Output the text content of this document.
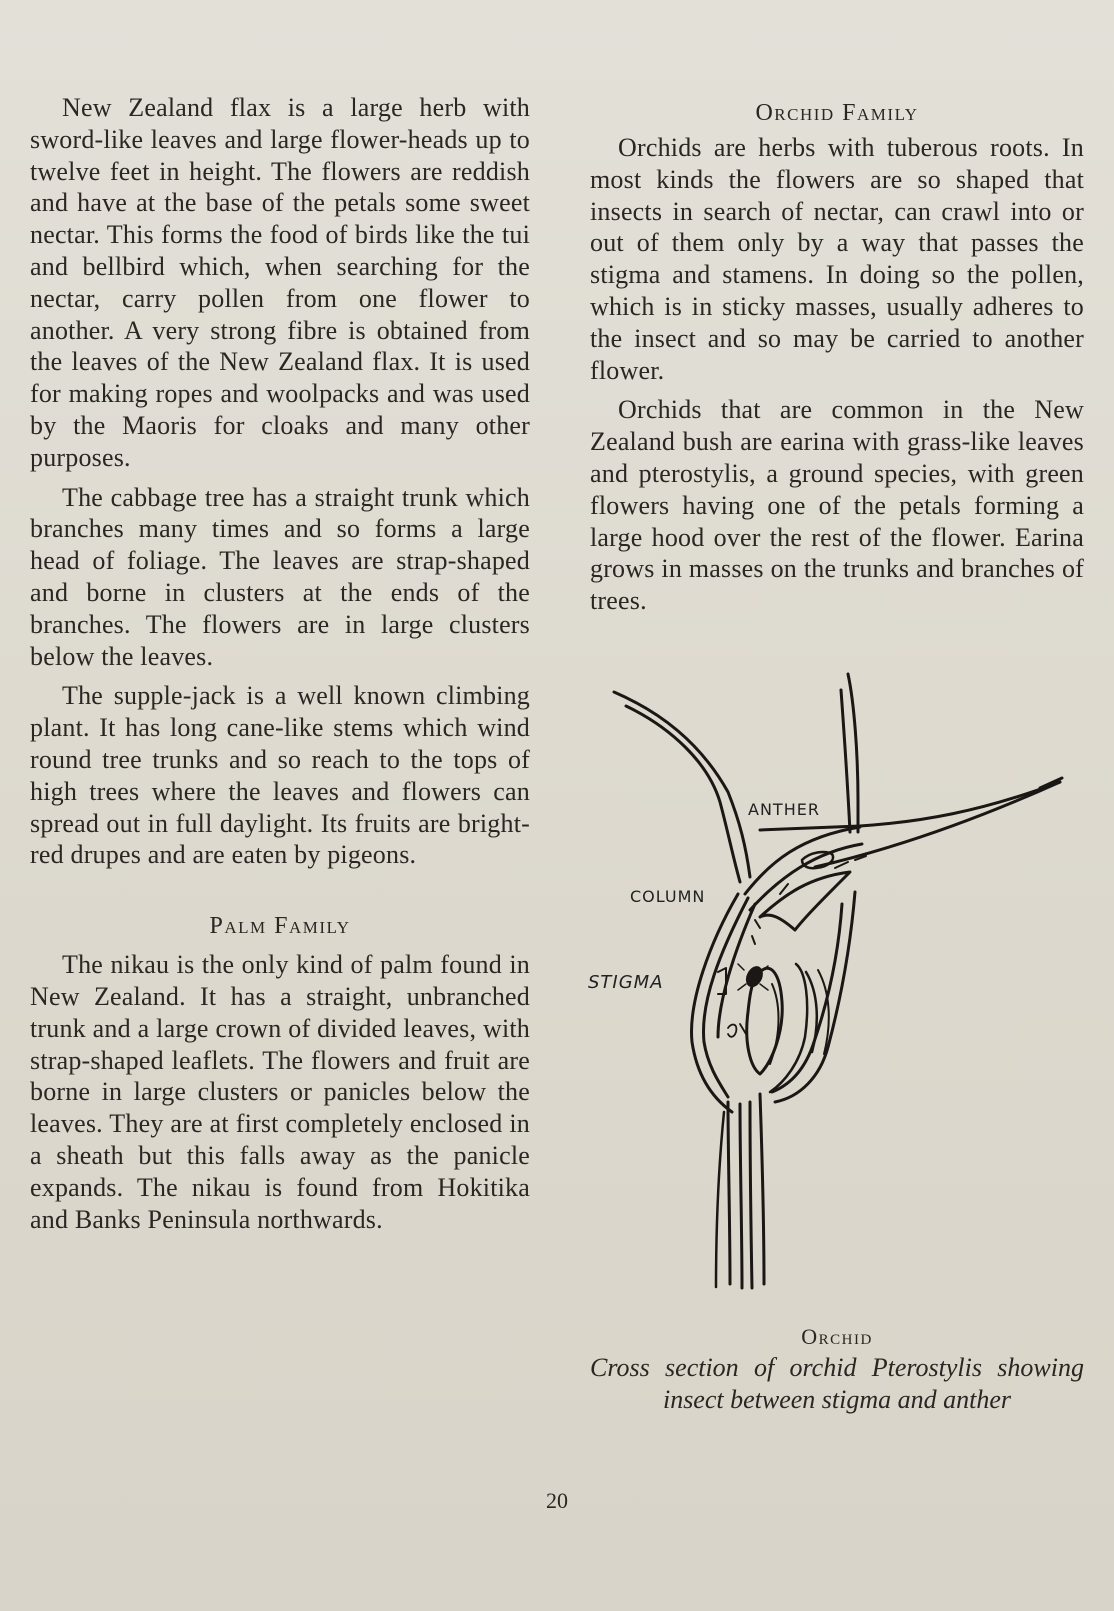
New Zealand flax is a large herb with sword-like leaves and large flower-heads up to twelve feet in height. The flowers are reddish and have at the base of the petals some sweet nectar. This forms the food of birds like the tui and bellbird which, when searching for the nectar, carry pollen from one flower to another. A very strong fibre is obtained from the leaves of the New Zealand flax. It is used for making ropes and woolpacks and was used by the Maoris for cloaks and many other purposes.

The cabbage tree has a straight trunk which branches many times and so forms a large head of foliage. The leaves are strap-shaped and borne in clusters at the ends of the branches. The flowers are in large clusters below the leaves.

The supple-jack is a well known climbing plant. It has long cane-like stems which wind round tree trunks and so reach to the tops of high trees where the leaves and flowers can spread out in full daylight. Its fruits are bright-red drupes and are eaten by pigeons.

Palm Family

The nikau is the only kind of palm found in New Zealand. It has a straight, unbranched trunk and a large crown of divided leaves, with strap-shaped leaflets. The flowers and fruit are borne in large clusters or panicles below the leaves. They are at first completely enclosed in a sheath but this falls away as the panicle expands. The nikau is found from Hokitika and Banks Peninsula northwards.

Orchid Family

Orchids are herbs with tuberous roots. In most kinds the flowers are so shaped that insects in search of nectar, can crawl into or out of them only by a way that passes the stigma and stamens. In doing so the pollen, which is in sticky masses, usually adheres to the insect and so may be carried to another flower.

Orchids that are common in the New Zealand bush are earina with grass-like leaves and pterostylis, a ground species, with green flowers having one of the petals forming a large hood over the rest of the flower. Earina grows in masses on the trunks and branches of trees.

ANTHER
COLUMN
STIGMA
Orchid
Cross section of orchid Pterostylis showing insect between stigma and anther
20
